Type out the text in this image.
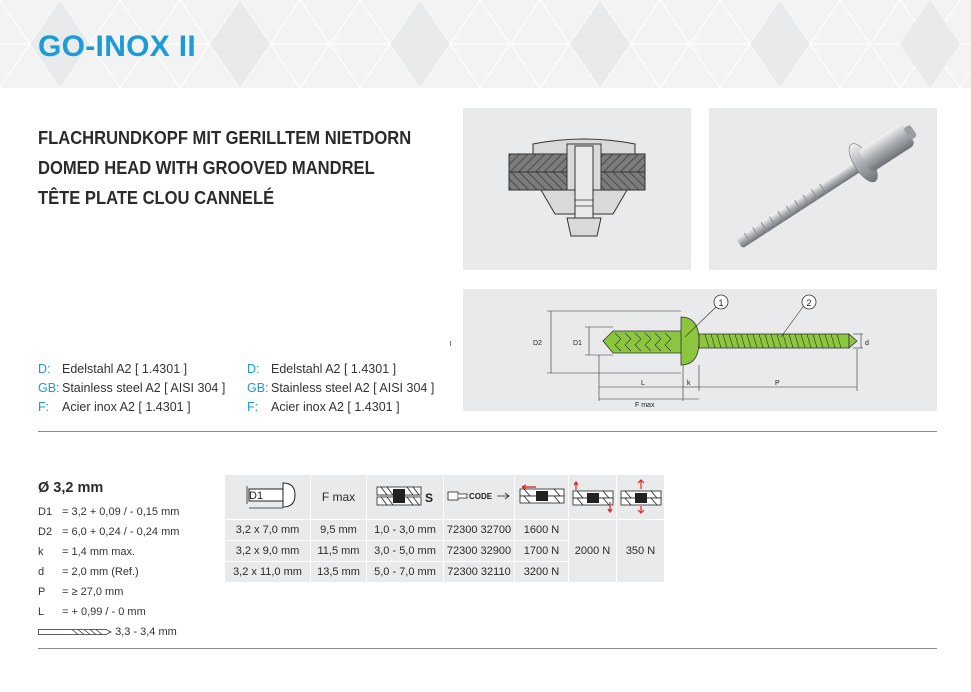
GO-INOX II
FLACHRUNDKOPF MIT GERILLTEM NIETDORN
DOMED HEAD WITH GROOVED MANDREL
TÊTE PLATE CLOU CANNELÉ
1	2
D2	D1	d
L	k	P
F max
D: Edelstahl A2 [ 1.4301 ]
GB: Stainless steel A2 [ AISI 304 ]
F: Acier inox A2 [ 1.4301 ]
D: Edelstahl A2 [ 1.4301 ]
GB: Stainless steel A2 [ AISI 304 ]
F: Acier inox A2 [ 1.4301 ]
Ø 3,2 mm
D1 = 3,2 + 0,09 / - 0,15 mm
D2 = 6,0 + 0,24 / - 0,24 mm
k = 1,4 mm max.
d = 2,0 mm (Ref.)
P = ≥ 27,0 mm
L = + 0,99 / - 0 mm
3,3 - 3,4 mm
D1	F max	S	CODE

3,2 x 7,0 mm	9,5 mm	1,0 - 3,0 mm	72300 32700	1600 N	2000 N	350 N
3,2 x 9,0 mm	11,5 mm	3,0 - 5,0 mm	72300 32900	1700 N		
3,2 x 11,0 mm	13,5 mm	5,0 - 7,0 mm	72300 32110	3200 N		
